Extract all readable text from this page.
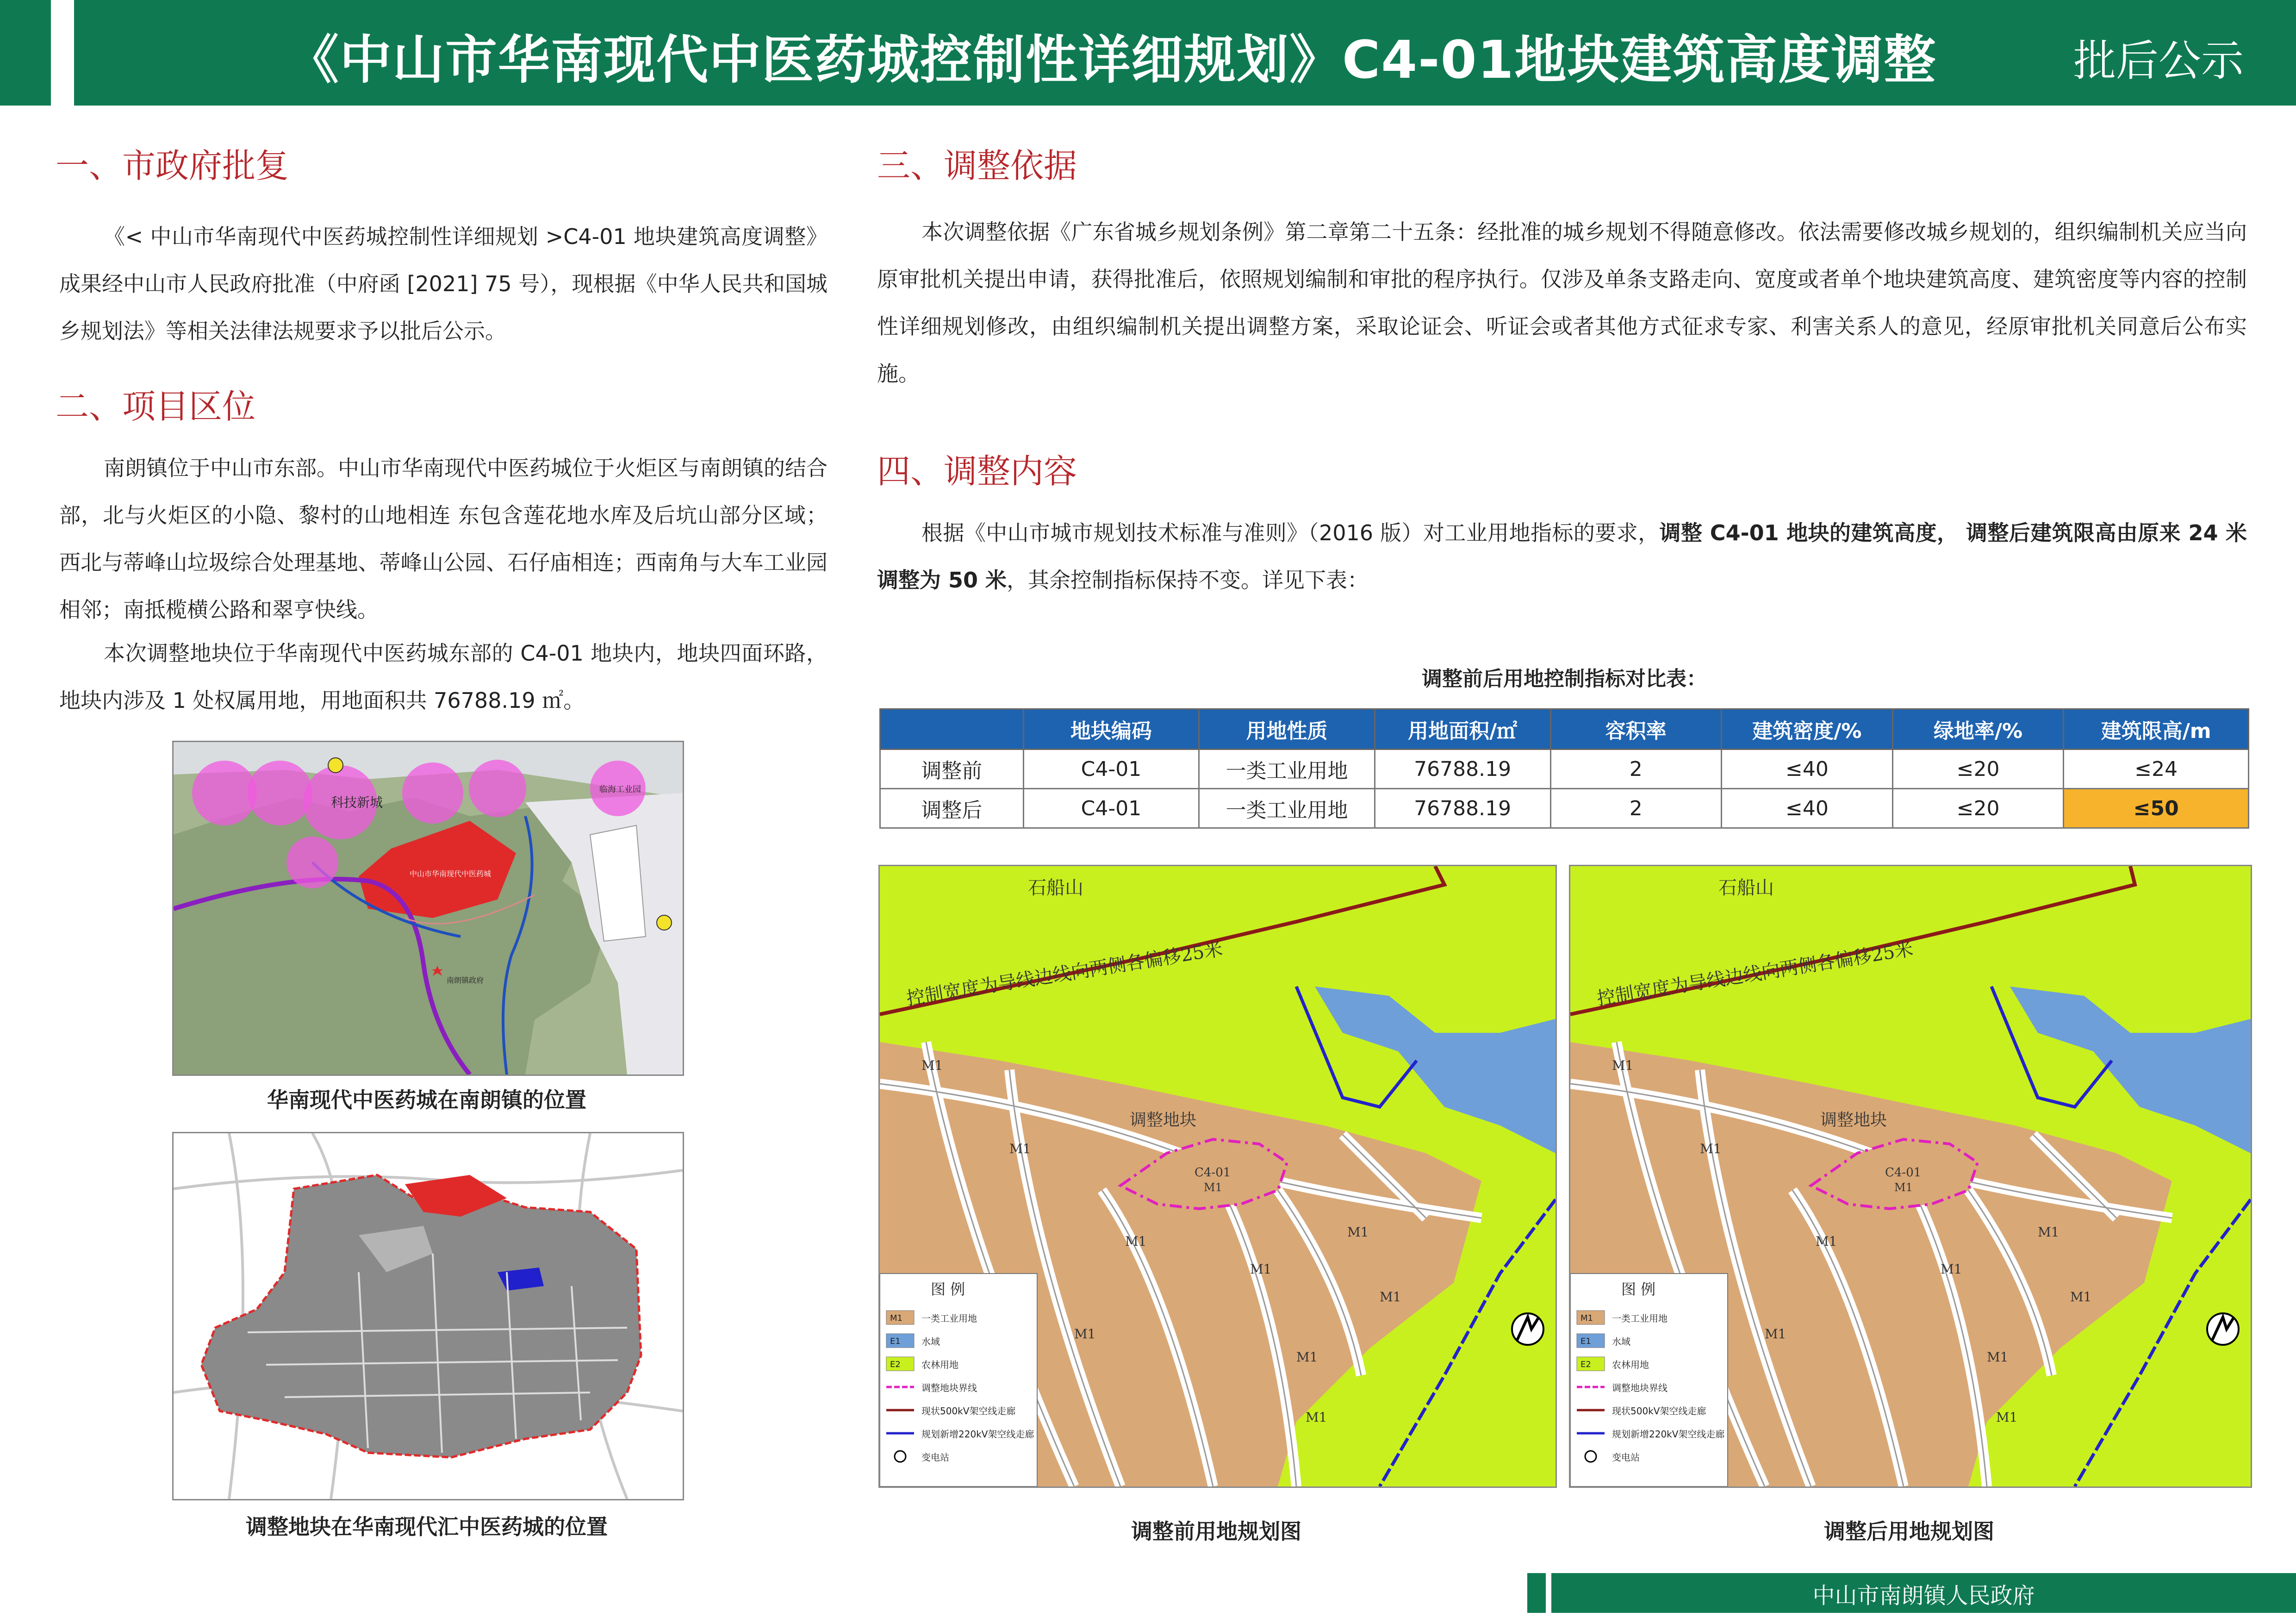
《中山市华南现代中医药城控制性详细规划》C4-01地块建筑高度调整	批后公示
一、市政府批复
《< 中山市华南现代中医药城控制性详细规划 >C4-01 地块建筑高度调整》成果经中山市人民政府批准（中府函 [2021] 75 号），现根据《中华人民共和国城乡规划法》等相关法律法规要求予以批后公示。
二、项目区位
南朗镇位于中山市东部。中山市华南现代中医药城位于火炬区与南朗镇的结合部，北与火炬区的小隐、黎村的山地相连 东包含莲花地水库及后坑山部分区域；西北与蒂峰山垃圾综合处理基地、蒂峰山公园、石仔庙相连；西南角与大车工业园相邻；南抵榄横公路和翠亨快线。
本次调整地块位于华南现代中医药城东部的 C4-01 地块内，地块四面环路，地块内涉及 1 处权属用地，用地面积共 76788.19 ㎡。
科技新城
临海工业园
中山市华南现代中医药城
南朗镇政府
华南现代中医药城在南朗镇的位置
调整地块在华南现代汇中医药城的位置
三、调整依据
本次调整依据《广东省城乡规划条例》第二章第二十五条：经批准的城乡规划不得随意修改。依法需要修改城乡规划的，组织编制机关应当向原审批机关提出申请，获得批准后，依照规划编制和审批的程序执行。仅涉及单条支路走向、宽度或者单个地块建筑高度、建筑密度等内容的控制性详细规划修改，由组织编制机关提出调整方案，采取论证会、听证会或者其他方式征求专家、利害关系人的意见，经原审批机关同意后公布实施。
四、调整内容
根据《中山市城市规划技术标准与准则》（2016 版）对工业用地指标的要求，调整 C4-01 地块的建筑高度， 调整后建筑限高由原来 24 米调整为 50 米，其余控制指标保持不变。详见下表：
调整前后用地控制指标对比表：
	地块编码	用地性质	用地面积/㎡	容积率	建筑密度/%	绿地率/%	建筑限高/m
调整前	C4-01	一类工业用地	76788.19	2	≤40	≤20	≤24
调整后	C4-01	一类工业用地	76788.19	2	≤40	≤20	≤50
石船山
控制宽度为导线边线向两侧各偏移25米
调整地块
C4-01
M1
M1
M1
M1
M1
M1
M1
M1
M1
M1
图 例
M1 一类工业用地
E1 水域
E2 农林用地
调整地块界线
现状500kV架空线走廊
规划新增220kV架空线走廊
变电站
调整前用地规划图
石船山
控制宽度为导线边线向两侧各偏移25米
调整地块
C4-01
M1
M1
M1
M1
M1
M1
M1
M1
M1
M1
图 例
M1 一类工业用地
E1 水域
E2 农林用地
调整地块界线
现状500kV架空线走廊
规划新增220kV架空线走廊
变电站
调整后用地规划图
中山市南朗镇人民政府
